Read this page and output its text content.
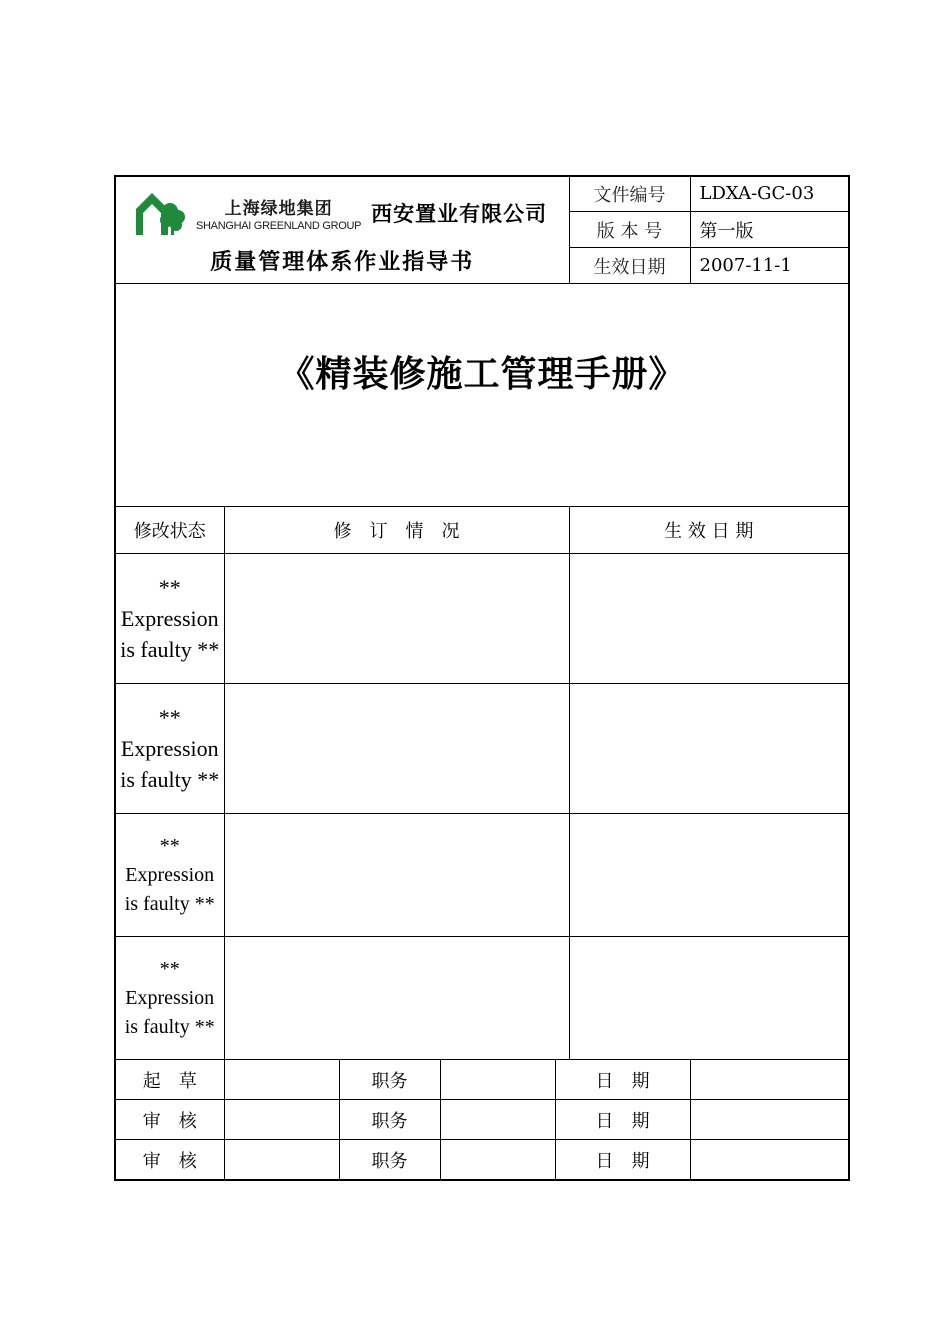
上海绿地集团
SHANGHAI GREENLAND GROUP 西安置业有限公司
质量管理体系作业指导书					文件编号	LDXA-GC-03
					版 本 号	第一版
					生效日期	2007-11-1

《精装修施工管理手册》						

修改状态	修　订　情　况				生 效 日 期	

** Expression is faulty **						

** Expression is faulty **						

** Expression is faulty **						

** Expression is faulty **						

起　草		职务		日　期		
审　核		职务		日　期		
审　核		职务		日　期		
